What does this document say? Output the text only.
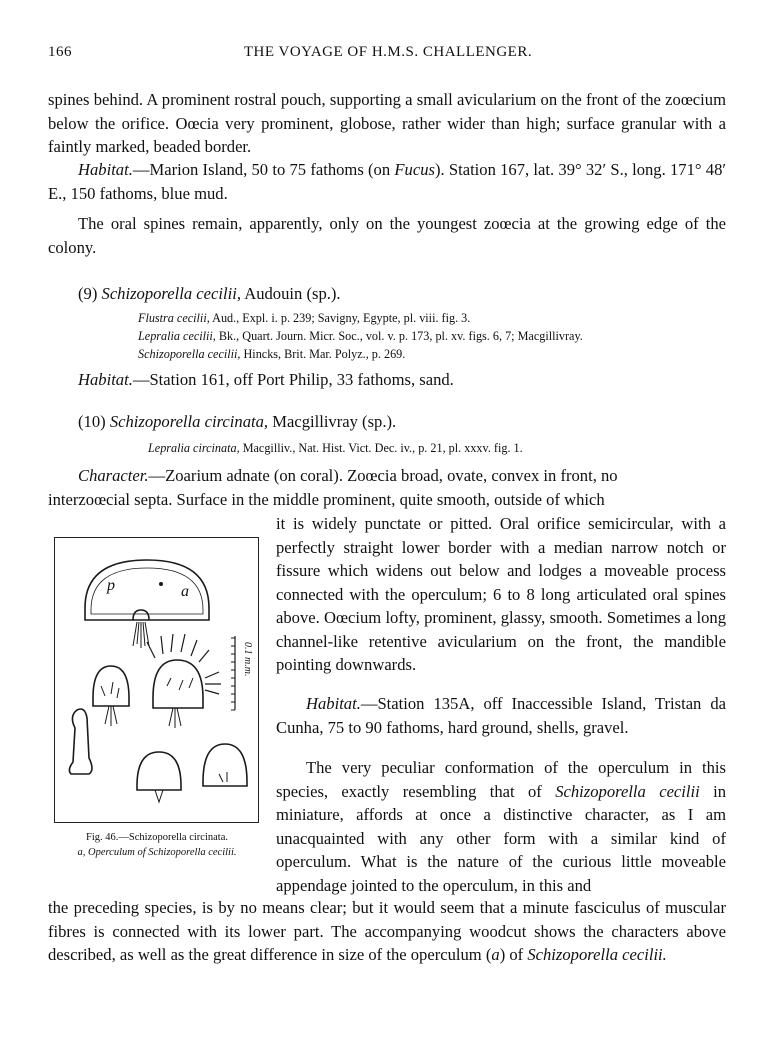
166	THE VOYAGE OF H.M.S. CHALLENGER.

spines behind. A prominent rostral pouch, supporting a small avicularium on the front of the zoœcium below the orifice. Oœcia very prominent, globose, rather wider than high; surface granular with a faintly marked, beaded border.

Habitat.—Marion Island, 50 to 75 fathoms (on Fucus). Station 167, lat. 39° 32′ S., long. 171° 48′ E., 150 fathoms, blue mud.

The oral spines remain, apparently, only on the youngest zoœcia at the growing edge of the colony.

(9) Schizoporella cecilii, Audouin (sp.).

Flustra cecilii, Aud., Expl. i. p. 239; Savigny, Egypte, pl. viii. fig. 3.

Lepralia cecilii, Bk., Quart. Journ. Micr. Soc., vol. v. p. 173, pl. xv. figs. 6, 7; Macgillivray.

Schizoporella cecilii, Hincks, Brit. Mar. Polyz., p. 269.

Habitat.—Station 161, off Port Philip, 33 fathoms, sand.

(10) Schizoporella circinata, Macgillivray (sp.).

Lepralia circinata, Macgilliv., Nat. Hist. Vict. Dec. iv., p. 21, pl. xxxv. fig. 1.

Character.—Zoarium adnate (on coral). Zoœcia broad, ovate, convex in front, no

interzoœcial septa. Surface in the middle prominent, quite smooth, outside of which

it is widely punctate or pitted. Oral orifice semicircular, with a perfectly straight lower border with a median narrow notch or fissure which widens out below and lodges a moveable process connected with the operculum; 6 to 8 long articulated oral spines above. Oœcium lofty, prominent, glassy, smooth. Sometimes a long channel-like retentive avicularium on the front, the mandible pointing downwards.

Habitat.—Station 135A, off Inaccessible Island, Tristan da Cunha, 75 to 90 fathoms, hard ground, shells, gravel.

The very peculiar conformation of the operculum in this species, exactly resembling that of Schizoporella cecilii in miniature, affords at once a distinctive character, as I am unacquainted with any other form with a similar kind of operculum. What is the nature of the curious little moveable appendage jointed to the operculum, in this and

the preceding species, is by no means clear; but it would seem that a minute fasciculus of muscular fibres is connected with its lower part. The accompanying woodcut shows the characters above described, as well as the great difference in size of the operculum (a) of Schizoporella cecilii.

p	a
0.1 m.m.

Fig. 46.—Schizoporella circinata.
a, Operculum of Schizoporella cecilii.
